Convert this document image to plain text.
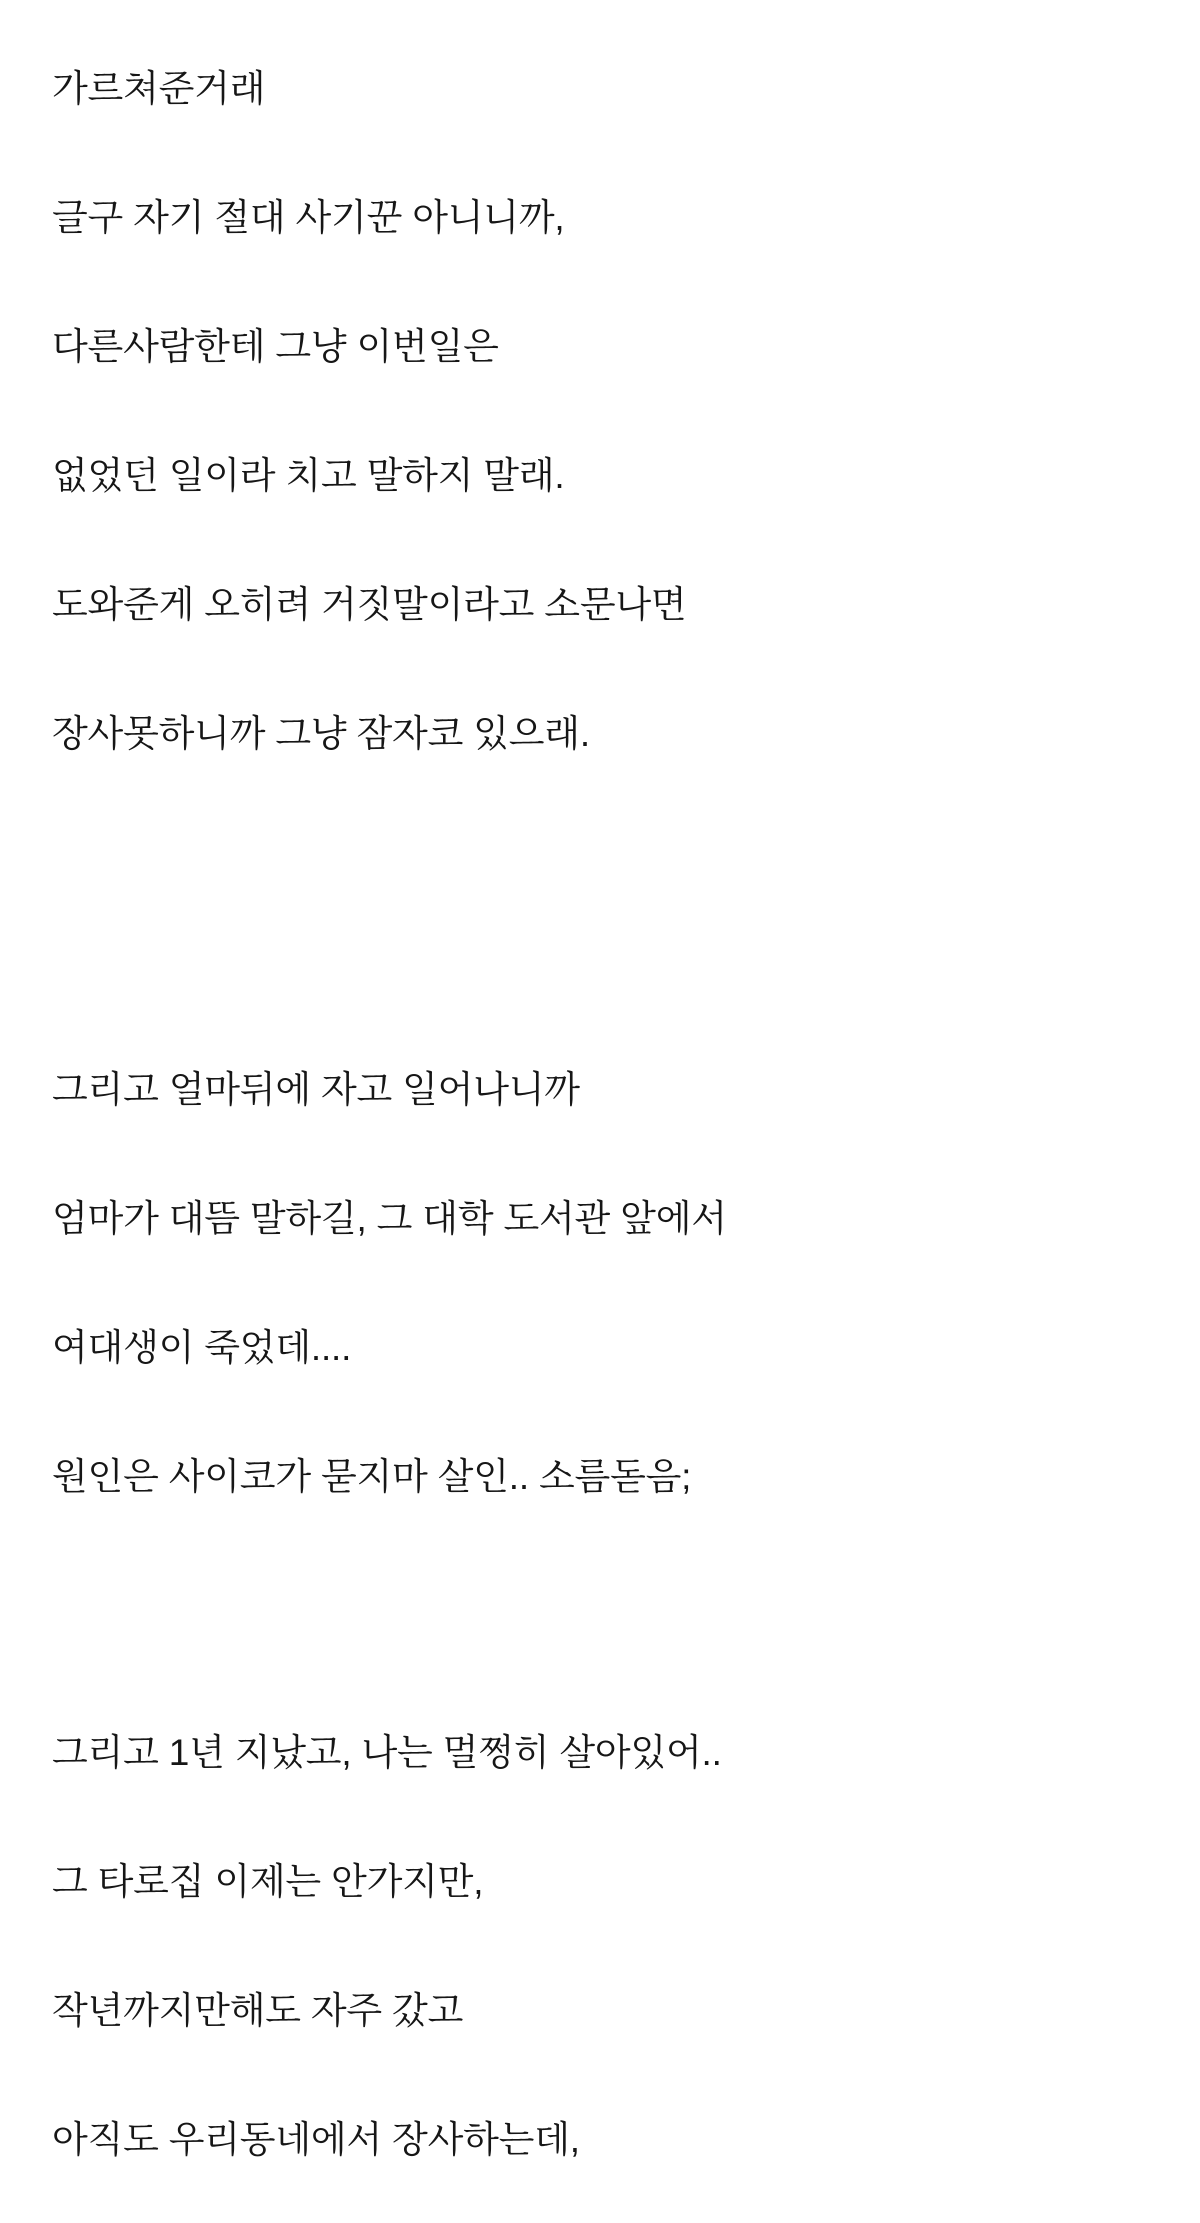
가르쳐준거래

글구 자기 절대 사기꾼 아니니까,

다른사람한테 그냥 이번일은

없었던 일이라 치고 말하지 말래.

도와준게 오히려 거짓말이라고 소문나면

장사못하니까 그냥 잠자코 있으래.

그리고 얼마뒤에 자고 일어나니까

엄마가 대뜸 말하길, 그 대학 도서관 앞에서

여대생이 죽었데....

원인은 사이코가 묻지마 살인.. 소름돋음;

그리고 1년 지났고, 나는 멀쩡히 살아있어..

그 타로집 이제는 안가지만,

작년까지만해도 자주 갔고

아직도 우리동네에서 장사하는데,
